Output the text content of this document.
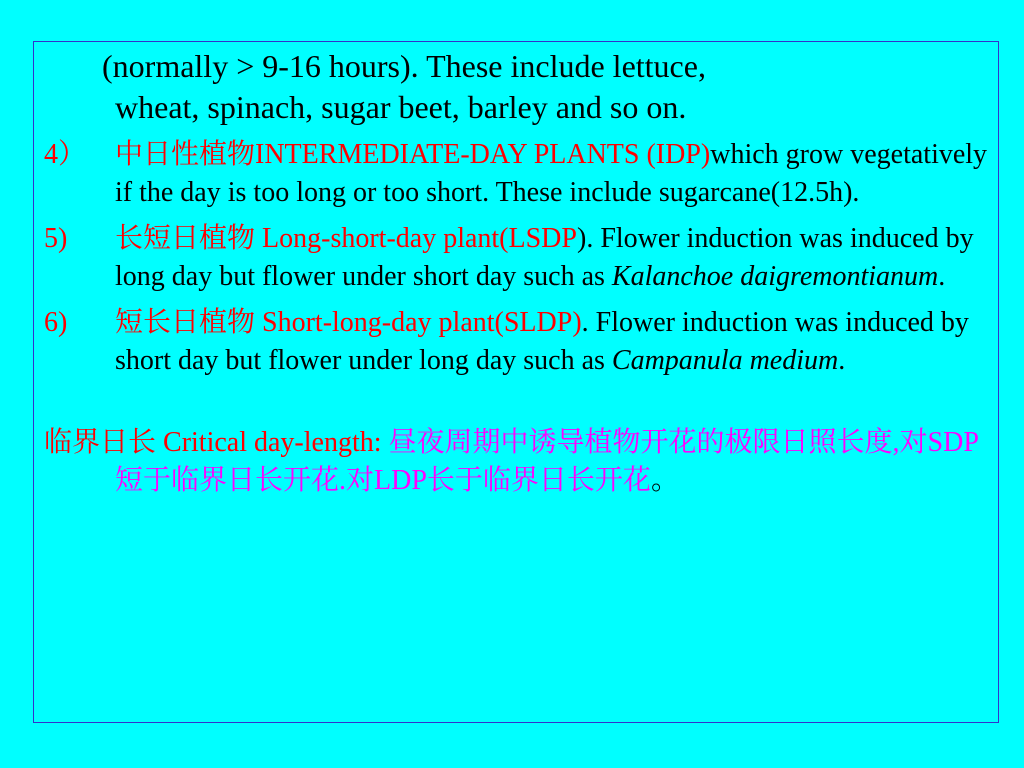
(normally > 9-16 hours). These include lettuce,
wheat, spinach, sugar beet, barley and so on.

4） 中日性植物INTERMEDIATE-DAY PLANTS (IDP)which grow vegetatively if the day is too long or too short. These include sugarcane(12.5h).

5) 长短日植物 Long-short-day plant(LSDP). Flower induction was induced by long day but flower under short day such as Kalanchoe daigremontianum.

6) 短长日植物 Short-long-day plant(SLDP). Flower induction was induced by short day but flower under long day such as Campanula medium.

临界日长 Critical day-length: 昼夜周期中诱导植物开花的极限日照长度,对SDP短于临界日长开花.对LDP长于临界日长开花。
